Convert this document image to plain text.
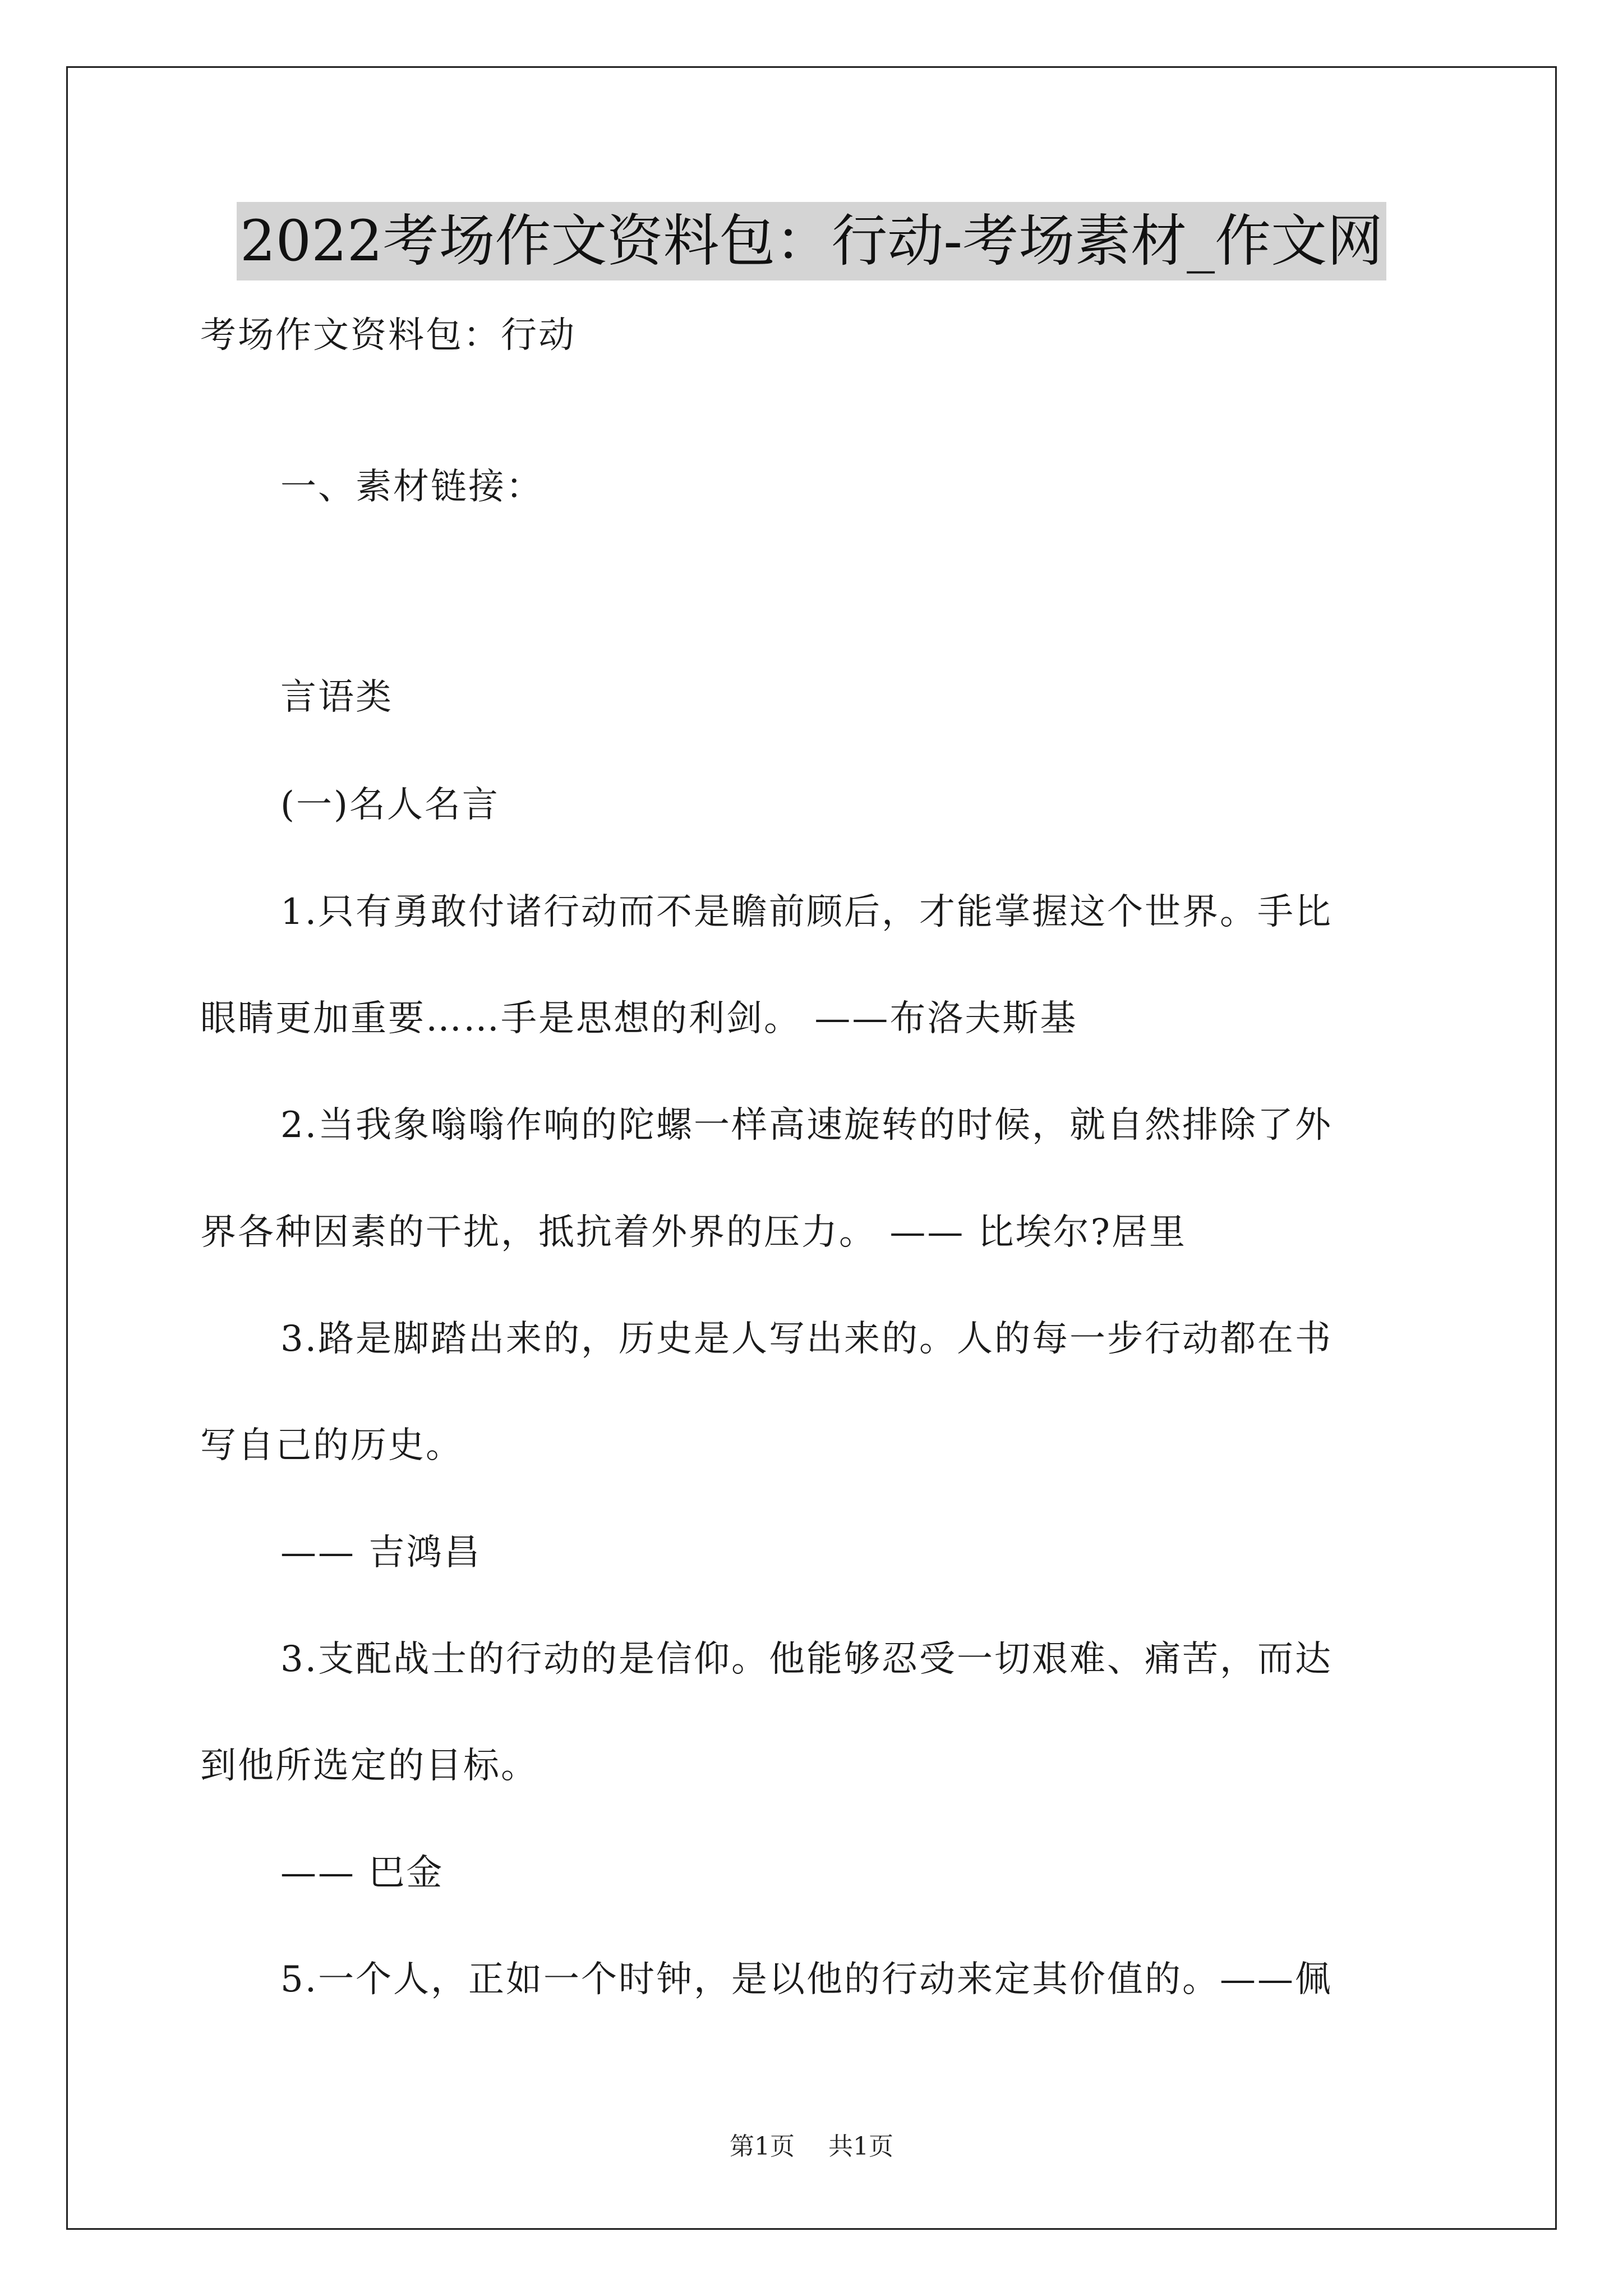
2022考场作文资料包：行动-考场素材_作文网
考场作文资料包：行动
一、素材链接：
言语类
(一)名人名言
1.只有勇敢付诸行动而不是瞻前顾后，才能掌握这个世界。手比
眼睛更加重要……手是思想的利剑。 ——布洛夫斯基
2.当我象嗡嗡作响的陀螺一样高速旋转的时候，就自然排除了外
界各种因素的干扰，抵抗着外界的压力。 —— 比埃尔?居里
3.路是脚踏出来的，历史是人写出来的。人的每一步行动都在书
写自己的历史。
—— 吉鸿昌
3.支配战士的行动的是信仰。他能够忍受一切艰难、痛苦，而达
到他所选定的目标。
—— 巴金
5.一个人，正如一个时钟，是以他的行动来定其价值的。——佩
第1页 共1页
